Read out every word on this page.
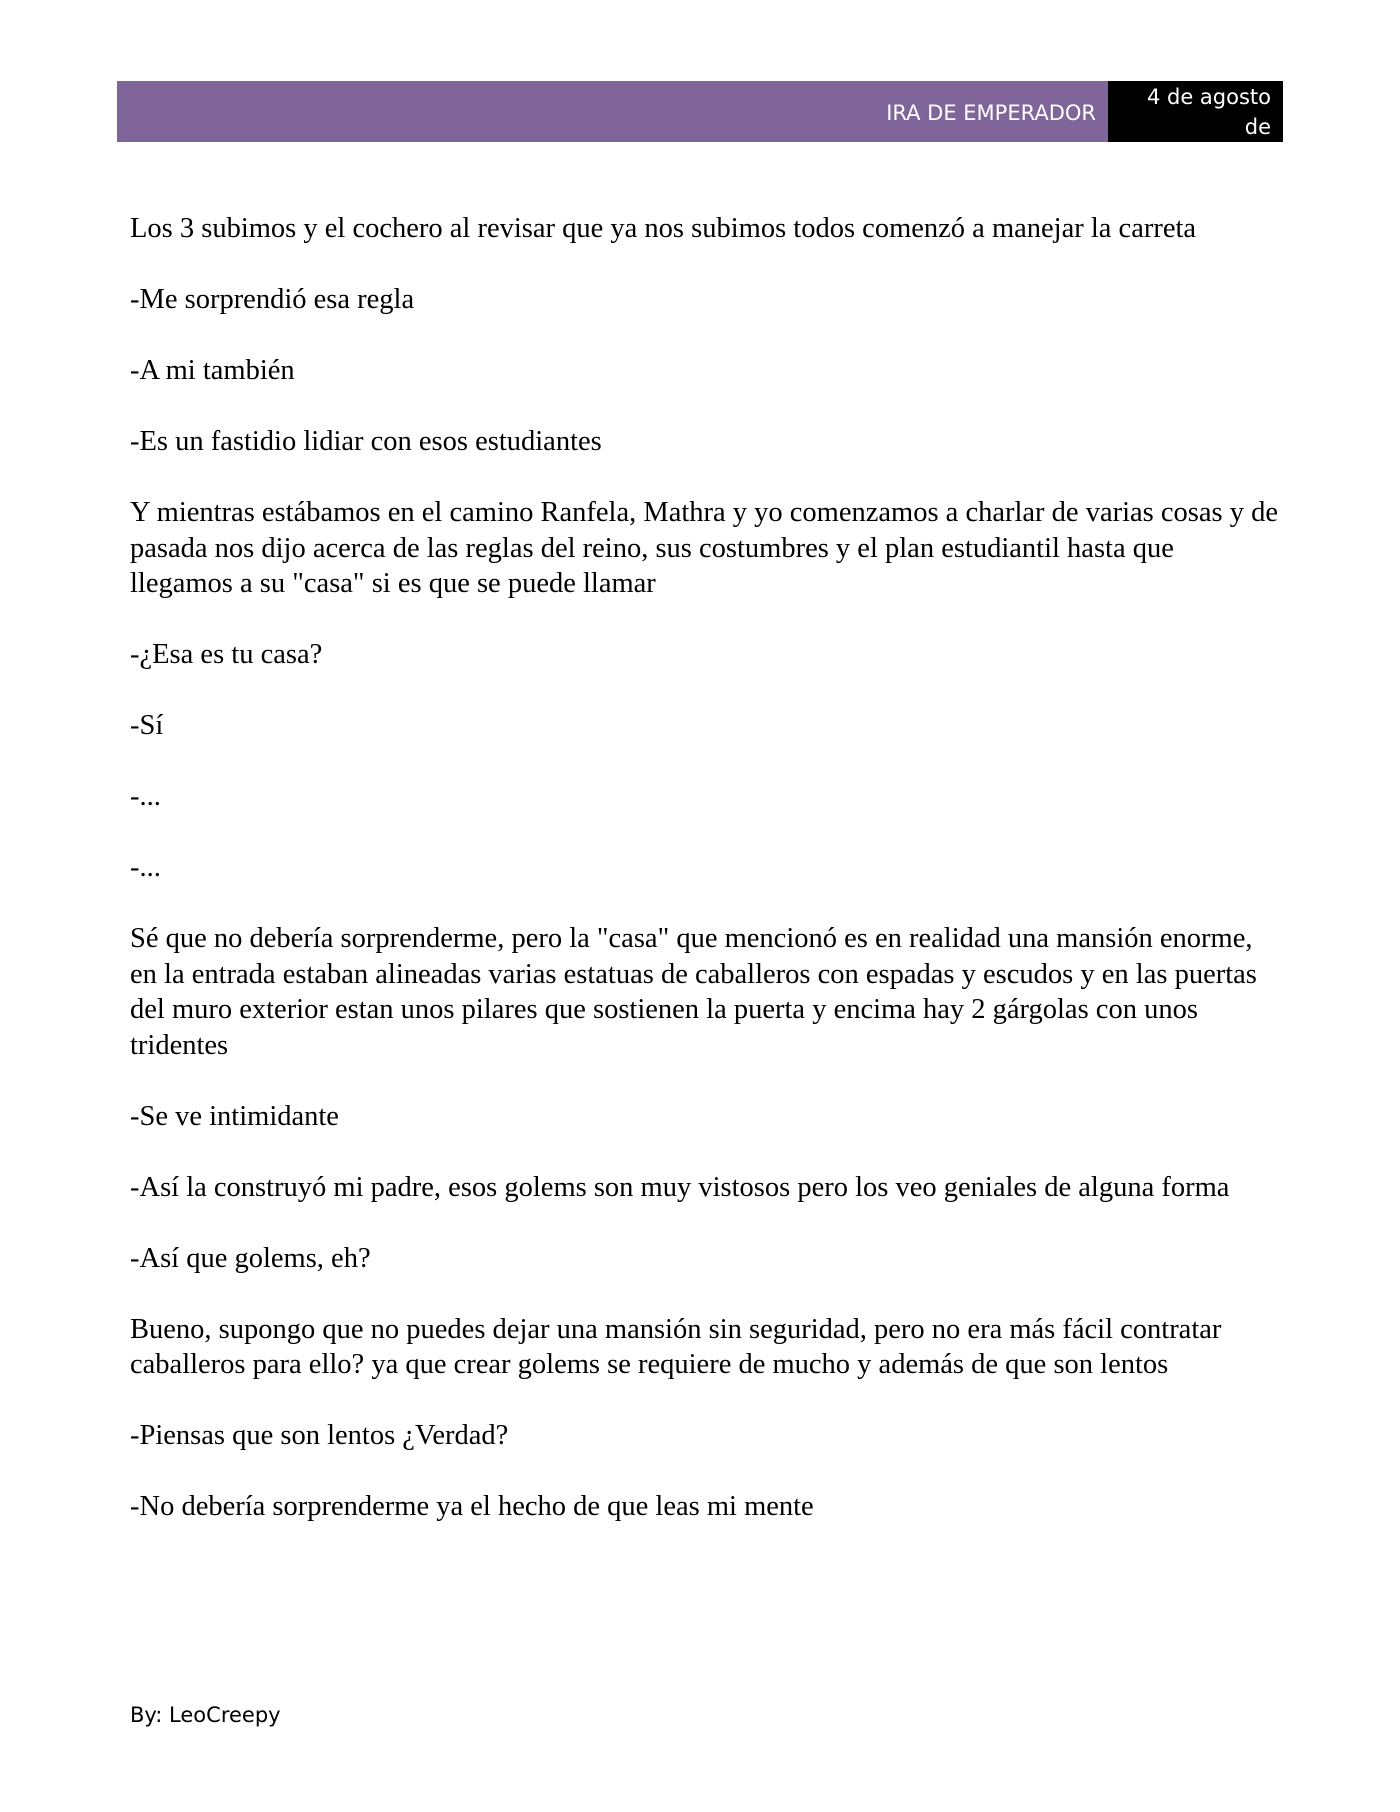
IRA DE EMPERADOR
4 de agosto de
2017

Los 3 subimos y el cochero al revisar que ya nos subimos todos comenzó a manejar la carreta

-Me sorprendió esa regla

-A mi también

-Es un fastidio lidiar con esos estudiantes

Y mientras estábamos en el camino Ranfela, Mathra y yo comenzamos a charlar de varias cosas y de pasada nos dijo acerca de las reglas del reino, sus costumbres y el plan estudiantil hasta que llegamos a su "casa" si es que se puede llamar

-¿Esa es tu casa?

-Sí

-...

-...

Sé que no debería sorprenderme, pero la "casa" que mencionó es en realidad una mansión enorme, en la entrada estaban alineadas varias estatuas de caballeros con espadas y escudos y en las puertas del muro exterior estan unos pilares que sostienen la puerta y encima hay 2 gárgolas con unos tridentes

-Se ve intimidante

-Así la construyó mi padre, esos golems son muy vistosos pero los veo geniales de alguna forma

-Así que golems, eh?

Bueno, supongo que no puedes dejar una mansión sin seguridad, pero no era más fácil contratar caballeros para ello? ya que crear golems se requiere de mucho y además de que son lentos

-Piensas que son lentos ¿Verdad?

-No debería sorprenderme ya el hecho de que leas mi mente

By: LeoCreepy
